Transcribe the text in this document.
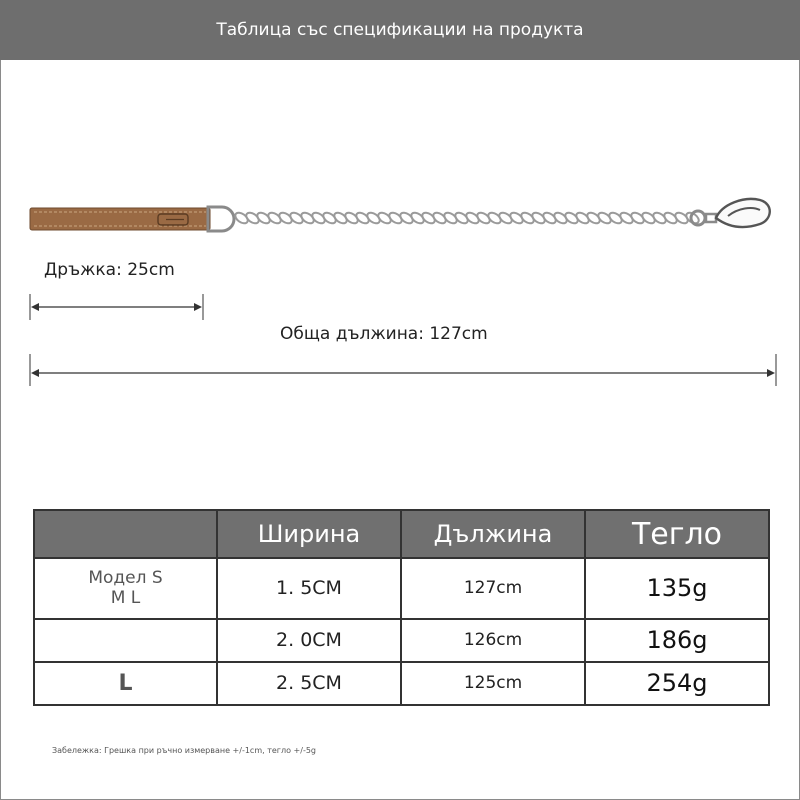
Таблица със спецификации на продукта
Дръжка: 25cm
Обща дължина: 127cm
	Ширина	Дължина	Тегло
Модел S
M L	1. 5CM	127cm	135g
	2. 0CM	126cm	186g
L	2. 5CM	125cm	254g
Забележка: Грешка при ръчно измерване +/-1cm, тегло +/-5g
